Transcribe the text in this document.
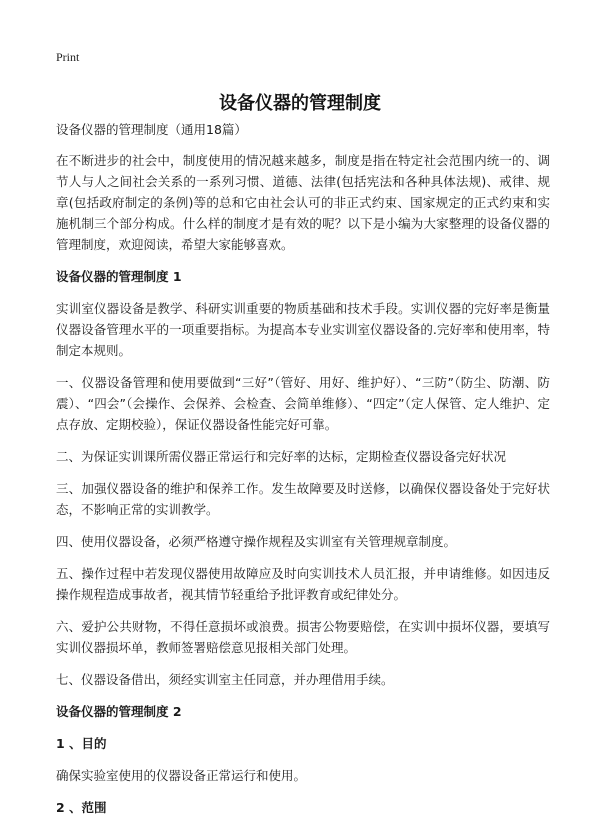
Print
设备仪器的管理制度

设备仪器的管理制度（通用18篇）

在不断进步的社会中，制度使用的情况越来越多，制度是指在特定社会范围内统一的、调节人与人之间社会关系的一系列习惯、道德、法律(包括宪法和各种具体法规)、戒律、规章(包括政府制定的条例)等的总和它由社会认可的非正式约束、国家规定的正式约束和实施机制三个部分构成。什么样的制度才是有效的呢？以下是小编为大家整理的设备仪器的管理制度，欢迎阅读，希望大家能够喜欢。

设备仪器的管理制度 1

实训室仪器设备是教学、科研实训重要的物质基础和技术手段。实训仪器的完好率是衡量仪器设备管理水平的一项重要指标。为提高本专业实训室仪器设备的.完好率和使用率，特制定本规则。

一、仪器设备管理和使用要做到“三好”（管好、用好、维护好）、“三防”（防尘、防潮、防震）、“四会”（会操作、会保养、会检查、会简单维修）、“四定”（定人保管、定人维护、定点存放、定期校验），保证仪器设备性能完好可靠。

二、为保证实训课所需仪器正常运行和完好率的达标，定期检查仪器设备完好状况

三、加强仪器设备的维护和保养工作。发生故障要及时送修，以确保仪器设备处于完好状态，不影响正常的实训教学。

四、使用仪器设备，必须严格遵守操作规程及实训室有关管理规章制度。

五、操作过程中若发现仪器使用故障应及时向实训技术人员汇报，并申请维修。如因违反操作规程造成事故者，视其情节轻重给予批评教育或纪律处分。

六、爱护公共财物，不得任意损坏或浪费。损害公物要赔偿，在实训中损坏仪器，要填写实训仪器损坏单，教师签署赔偿意见报相关部门处理。

七、仪器设备借出，须经实训室主任同意，并办理借用手续。

设备仪器的管理制度 2

1 、目的

确保实验室使用的仪器设备正常运行和使用。

2 、范围
